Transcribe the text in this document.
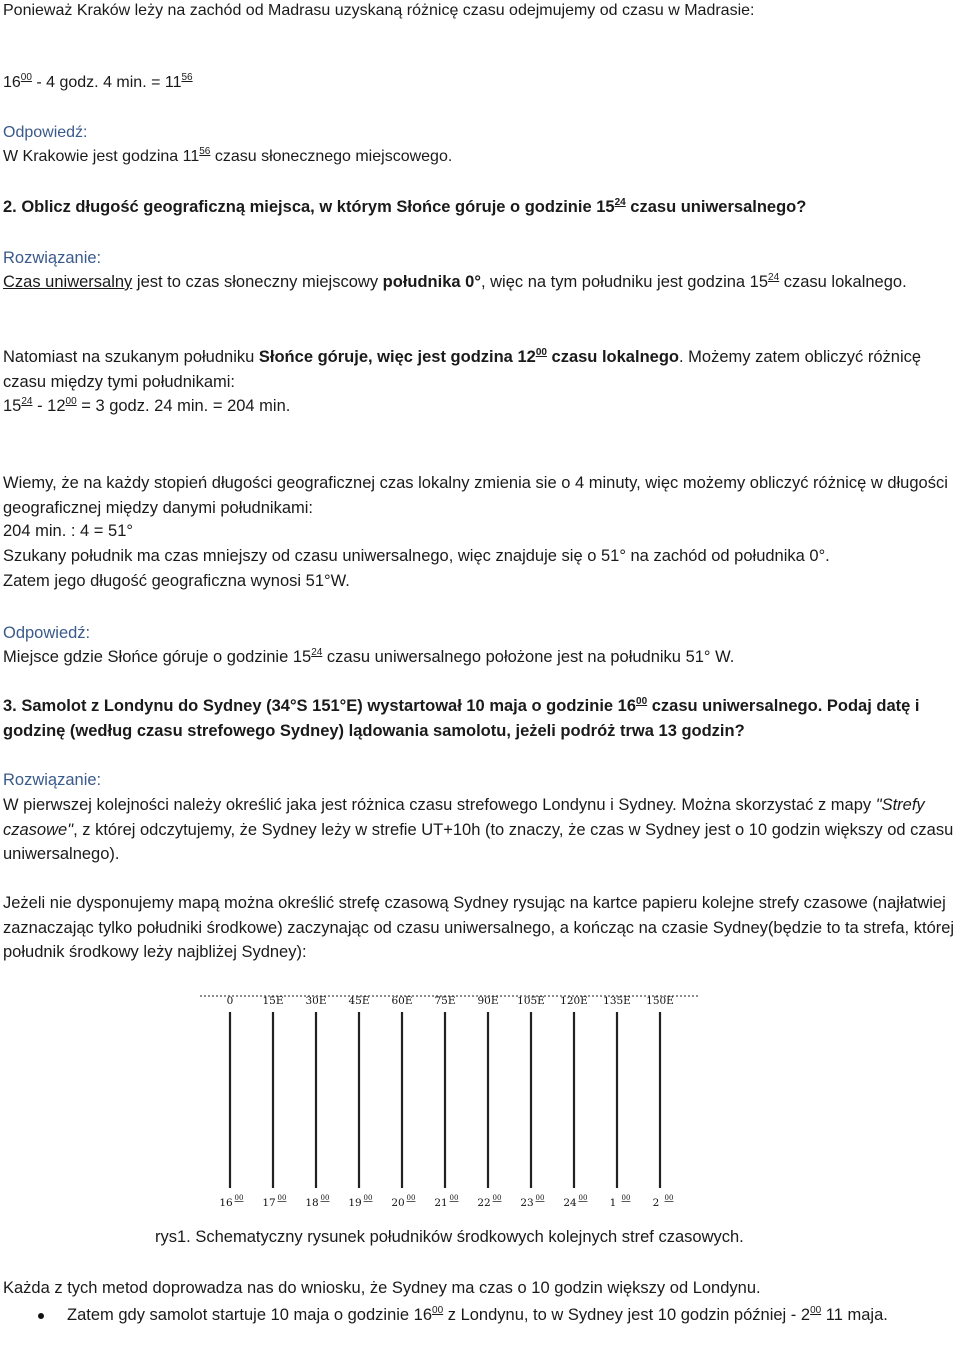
Ponieważ Kraków leży na zachód od Madrasu uzyskaną różnicę czasu odejmujemy od czasu w Madrasie:
$16^{00} - 4$ godz. 4 min. = $11^{56}$
Odpowiedź:
W Krakowie jest godzina $11^{56}$ czasu słonecznego miejscowego.
2. Oblicz długość geograficzną miejsca, w którym Słońce góruje o godzinie $15^{24}$ czasu uniwersalnego?
Rozwiązanie:
Czas uniwersalny jest to czas słoneczny miejscowy południka 0°, więc na tym południku jest godzina $15^{24}$ czasu lokalnego.
Natomiast na szukanym południku Słońce góruje, więc jest godzina $12^{00}$ czasu lokalnego. Możemy zatem obliczyć różnicę czasu między tymi południkami:
$15^{24} - 12^{00} = 3$ godz. 24 min. = 204 min.
Wiemy, że na każdy stopień długości geograficznej czas lokalny zmienia sie o 4 minuty, więc możemy obliczyć różnicę w długości geograficznej między danymi południkami:
204 min. : 4 = 51°
Szukany południk ma czas mniejszy od czasu uniwersalnego, więc znajduje się o 51° na zachód od południka 0°.
Zatem jego długość geograficzna wynosi 51°W.
Odpowiedź:
Miejsce gdzie Słońce góruje o godzinie $15^{24}$ czasu uniwersalnego położone jest na południku 51° W.
3. Samolot z Londynu do Sydney (34°S 151°E) wystartował 10 maja o godzinie $16^{00}$ czasu uniwersalnego. Podaj datę i godzinę (według czasu strefowego Sydney) lądowania samolotu, jeżeli podróż trwa 13 godzin?
Rozwiązanie:
W pierwszej kolejności należy określić jaka jest różnica czasu strefowego Londynu i Sydney. Można skorzystać z mapy "Strefy czasowe", z której odczytujemy, że Sydney leży w strefie UT+10h (to znaczy, że czas w Sydney jest o 10 godzin większy od czasu uniwersalnego).
Jeżeli nie dysponujemy mapą można określić strefę czasową Sydney rysując na kartce papieru kolejne strefy czasowe (najłatwiej zaznaczając tylko południki środkowe) zaczynając od czasu uniwersalnego, a kończąc na czasie Sydney(będzie to ta strefa, której południk środkowy leży najbliżej Sydney):
0
16 00
15E
17 00
30E
18 00
45E
19 00
60E
20 00
75E
21 00
90E
22 00
105E
23 00
120E
24 00
135E
1 00
150E
2 00
rys1. Schematyczny rysunek południków środkowych kolejnych stref czasowych.
Każda z tych metod doprowadza nas do wniosku, że Sydney ma czas o 10 godzin większy od Londynu.
Zatem gdy samolot startuje 10 maja o godzinie $16^{00}$ z Londynu, to w Sydney jest 10 godzin później - $2^{00}$ 11 maja.
